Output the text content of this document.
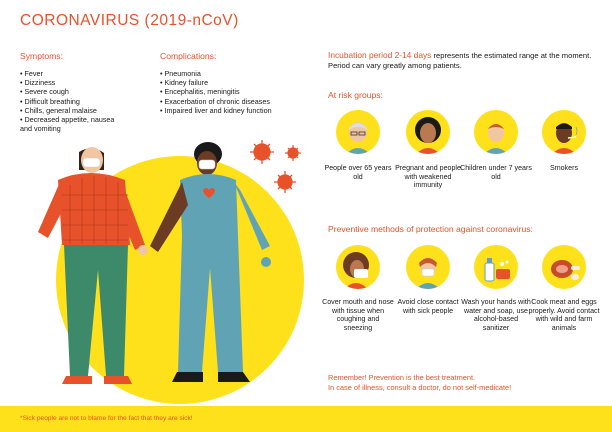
CORONAVIRUS (2019-nCoV)
Symptoms:
• Fever
• Dizziness
• Severe cough
• Difficult breathing
• Chills, general malaise
• Decreased appetite, nausea
and vomiting
Complications:
• Pneumonia
• Kidney failure
• Encephalitis, meningitis
• Exacerbation of chronic diseases
• Impaired liver and kidney function
Incubation period 2-14 days represents the estimated range at the moment. Period can vary greatly among patients.
At risk groups:
People over 65 years old
Pregnant and people with weakened immunity
Children under 7 years old
Smokers
Preventive methods of protection against coronavirus:
Cover mouth and nose with tissue when coughing and sneezing
Avoid close contact with sick people
Wash your hands with water and soap, use alcohol-based sanitizer
Cook meat and eggs properly. Avoid contact with wild and farm animals
Remember! Prevention is the best treatment.
In case of illness, consult a doctor, do not self-medicate!
*Sick people are not to blame for the fact that they are sick!
